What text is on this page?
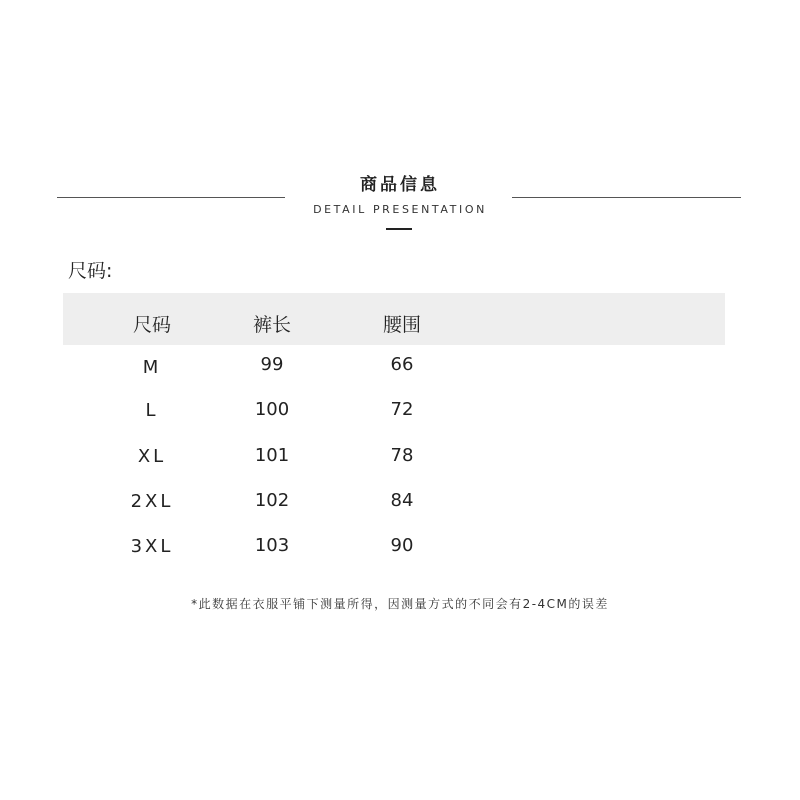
商品信息
DETAIL PRESENTATION
尺码:
尺码	裤长	腰围
M	99	66
L	100	72
XL	101	78
2XL	102	84
3XL	103	90
*此数据在衣服平铺下测量所得，因测量方式的不同会有2-4CM的误差
